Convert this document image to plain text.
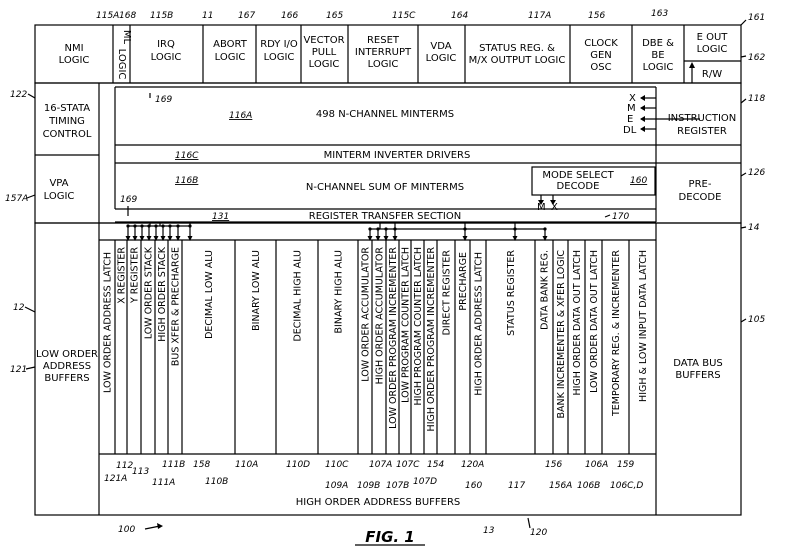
NMI
LOGIC
ML
LOGIC
IRQ
LOGIC
ABORT
LOGIC
RDY I/O
LOGIC
VECTOR
PULL
LOGIC
RESET
INTERRUPT
LOGIC
VDA
LOGIC
STATUS REG. &
M/X OUTPUT LOGIC
CLOCK
GEN
OSC
DBE &
BE
LOGIC
E OUT
LOGIC
R/W
115A 168 115B	11	167	166	165	115C	164	117A	156	163	161
162
169
16-STATA
TIMING
CONTROL
122
498 N-CHANNEL MINTERMS
116A
X
M
E
DL
INSTRUCTION
REGISTER
118
MINTERM INVERTER DRIVERS
116C
VPA
LOGIC
157A
N-CHANNEL SUM OF MINTERMS
116B	MODE SELECT
DECODE	160
M X
PRE-
DECODE
126
REGISTER TRANSFER SECTION
131	170
169
LOW ORDER ADDRESS LATCH X REGISTER Y REGISTER LOW ORDER STACK HIGH ORDER STACK BUS XFER & PRECHARGE DECIMAL LOW ALU	BINARY LOW ALU	DECIMAL HIGH ALU	BINARY HIGH ALU LOW ORDER ACCUMULATOR HIGH ORDER ACCUMULATOR LOW ORDER PROGRAM INCREMENTER LOW PROGRAM COUNTER LATCH HIGH PROGRAM COUNTER LATCH HIGH ORDER PROGRAM INCREMENTER DIRECT REGISTER PRECHARGE HIGH ORDER ADDRESS LATCH STATUS REGISTER DATA BANK REG. BANK INCREMENTER & XFER LOGIC HIGH ORDER DATA OUT LATCH LOW ORDER DATA OUT LATCH TEMPORARY REG. & INCREMENTER HIGH & LOW INPUT DATA LATCH
121A
112
113
111A
111B 158
110B
110A	110D 110C
109A 109B
107A
107B
107C
107D
154
160
120A
117
156
156A
106A
106B
159
106C,D
LOW ORDER
ADDRESS
BUFFERS
12
121
DATA BUS
BUFFERS
14
105
HIGH ORDER ADDRESS BUFFERS
100	13	120
FIG. 1
